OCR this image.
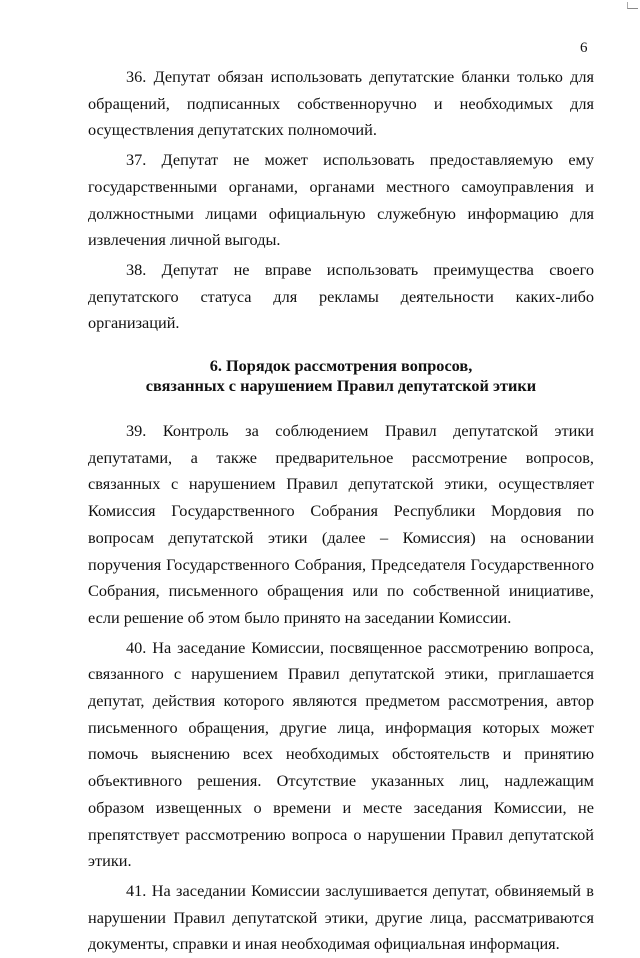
6

36. Депутат обязан использовать депутатские бланки только для обращений, подписанных собственноручно и необходимых для осуществления депутатских полномочий.

37. Депутат не может использовать предоставляемую ему государственными органами, органами местного самоуправления и должностными лицами официальную служебную информацию для извлечения личной выгоды.

38. Депутат не вправе использовать преимущества своего депутатского статуса для рекламы деятельности каких-либо организаций.

6. Порядок рассмотрения вопросов,
связанных с нарушением Правил депутатской этики

39. Контроль за соблюдением Правил депутатской этики депутатами, а также предварительное рассмотрение вопросов, связанных с нарушением Правил депутатской этики, осуществляет Комиссия Государственного Собрания Республики Мордовия по вопросам депутатской этики (далее – Комиссия) на основании поручения Государственного Собрания, Председателя Государственного Собрания, письменного обращения или по собственной инициативе, если решение об этом было принято на заседании Комиссии.

40. На заседание Комиссии, посвященное рассмотрению вопроса, связанного с нарушением Правил депутатской этики, приглашается депутат, действия которого являются предметом рассмотрения, автор письменного обращения, другие лица, информация которых может помочь выяснению всех необходимых обстоятельств и принятию объективного решения. Отсутствие указанных лиц, надлежащим образом извещенных о времени и месте заседания Комиссии, не препятствует рассмотрению вопроса о нарушении Правил депутатской этики.

41. На заседании Комиссии заслушивается депутат, обвиняемый в нарушении Правил депутатской этики, другие лица, рассматриваются документы, справки и иная необходимая официальная информация.
